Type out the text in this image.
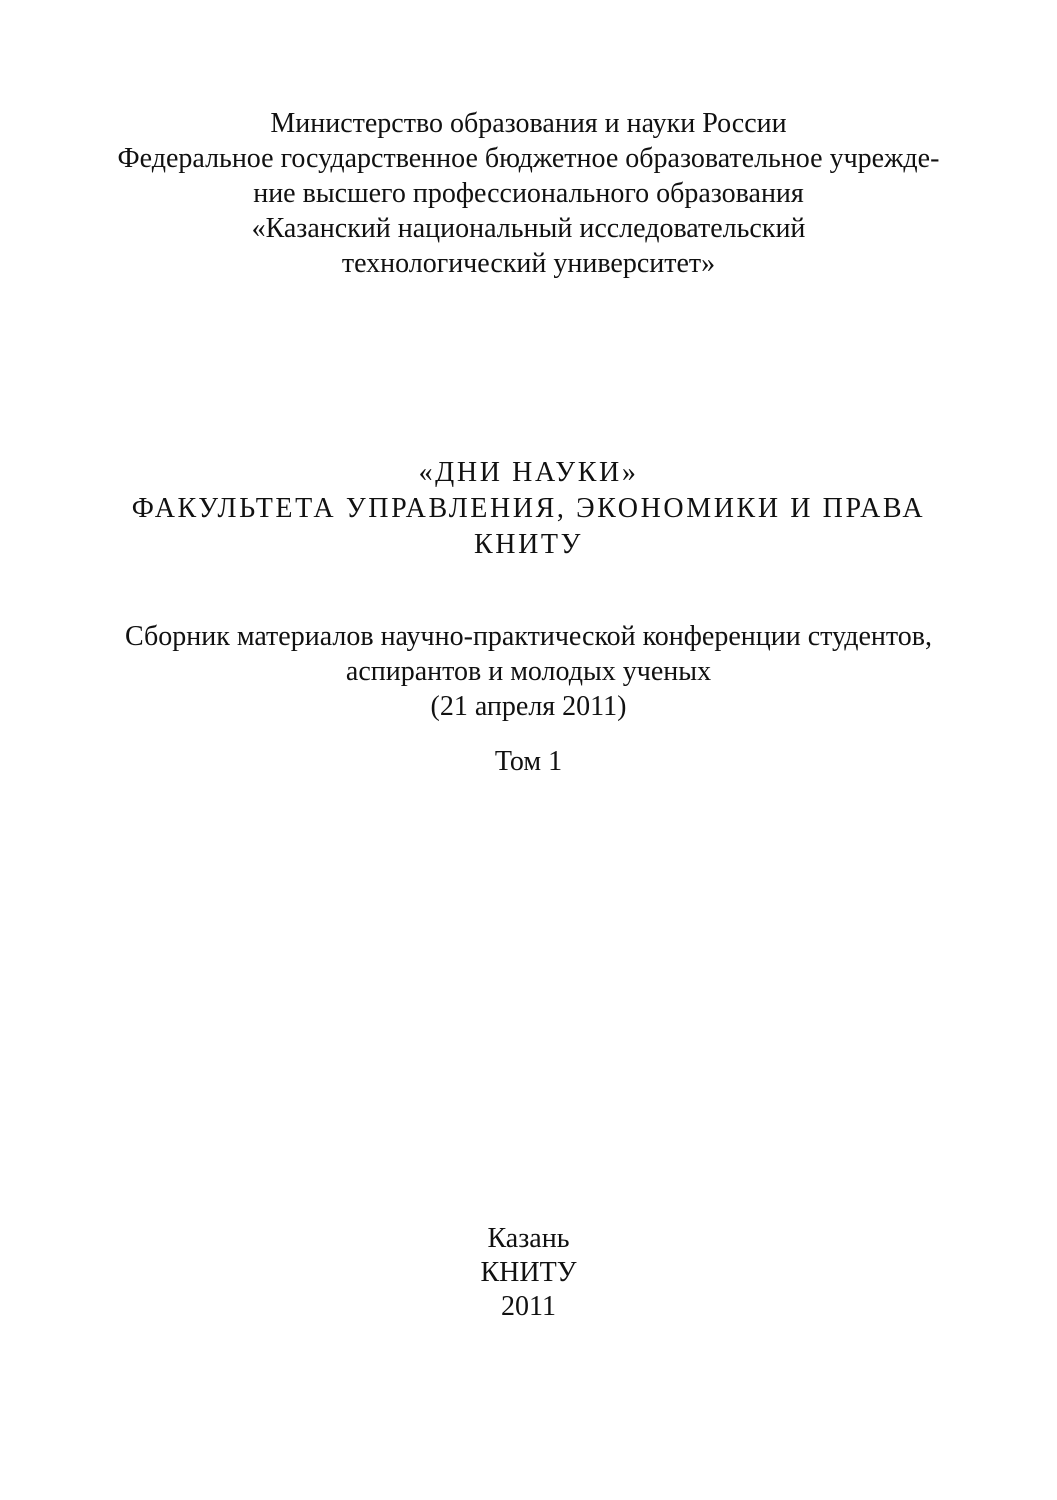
Министерство образования и науки России
Федеральное государственное бюджетное образовательное учрежде-
ние высшего профессионального образования
«Казанский национальный исследовательский
технологический университет»
«ДНИ НАУКИ»
ФАКУЛЬТЕТА УПРАВЛЕНИЯ, ЭКОНОМИКИ И ПРАВА
КНИТУ
Сборник материалов научно-практической конференции студентов,
аспирантов и молодых ученых
(21 апреля 2011)
Том 1
Казань
КНИТУ
2011
